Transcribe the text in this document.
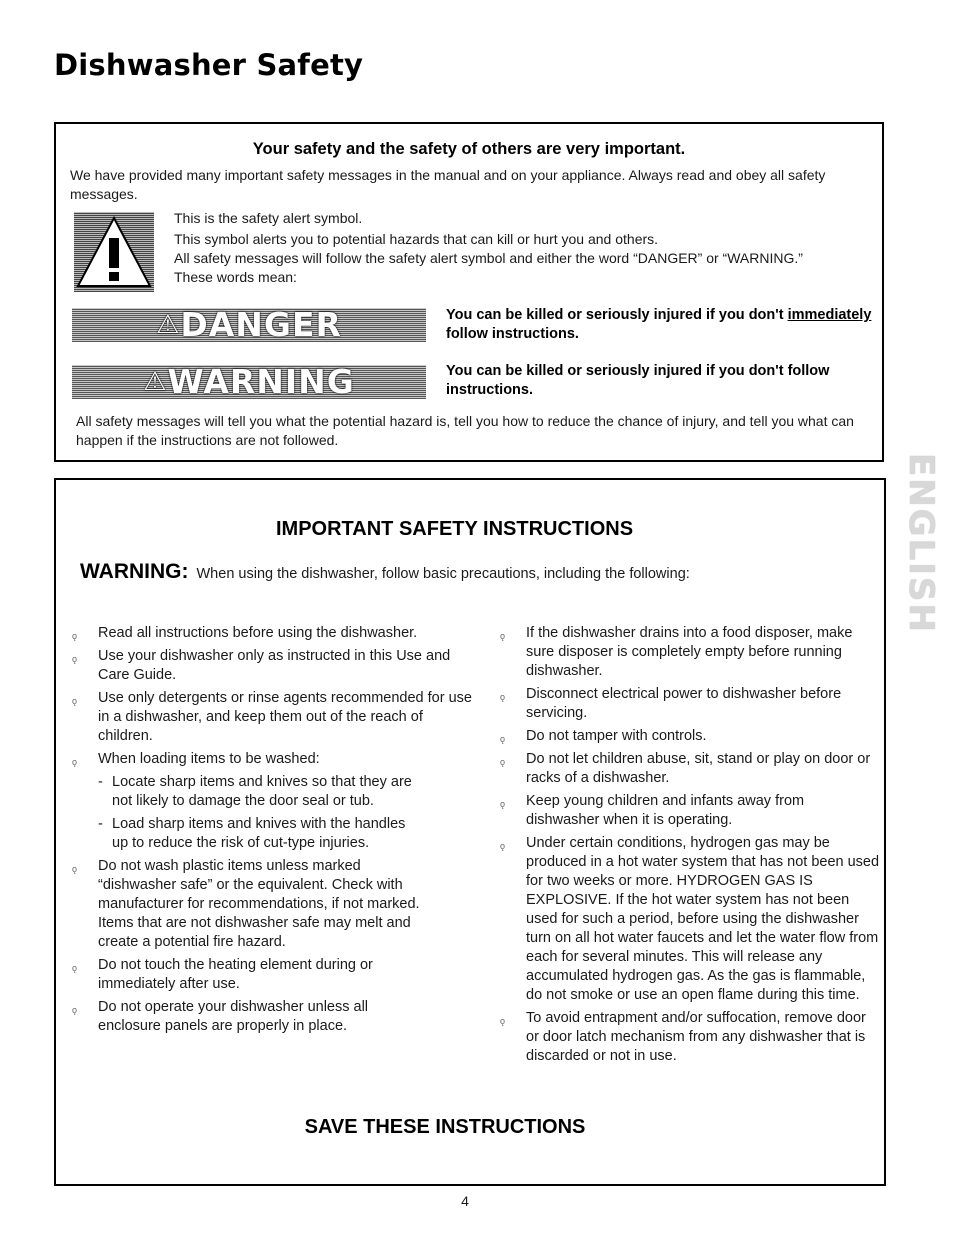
Dishwasher Safety
Your safety and the safety of others are very important.
We have provided many important safety messages in the manual and on your appliance. Always read and obey all safety messages.

This is the safety alert symbol.

This symbol alerts you to potential hazards that can kill or hurt you and others.

All safety messages will follow the safety alert symbol and either the word “DANGER” or “WARNING.” These words mean:

⚠DANGER	You can be killed or seriously injured if you don't immediately follow instructions.
⚠WARNING	You can be killed or seriously injured if you don't follow instructions.
All safety messages will tell you what the potential hazard is, tell you how to reduce the chance of injury, and tell you what can happen if the instructions are not followed.
ENGLISH
IMPORTANT SAFETY INSTRUCTIONS
WARNING: When using the dishwasher, follow basic precautions, including the following:
ǫ Read all instructions before using the dishwasher.
ǫ Use your dishwasher only as instructed in this Use and Care Guide.
ǫ Use only detergents or rinse agents recommended for use in a dishwasher, and keep them out of the reach of children.
ǫ When loading items to be washed:
- Locate sharp items and knives so that they are not likely to damage the door seal or tub.
- Load sharp items and knives with the handles up to reduce the risk of cut-type injuries.
ǫ Do not wash plastic items unless marked “dishwasher safe” or the equivalent. Check with manufacturer for recommendations, if not marked. Items that are not dishwasher safe may melt and create a potential fire hazard.
ǫ Do not touch the heating element during or immediately after use.
ǫ Do not operate your dishwasher unless all enclosure panels are properly in place.
ǫ If the dishwasher drains into a food disposer, make sure disposer is completely empty before running dishwasher.
ǫ Disconnect electrical power to dishwasher before servicing.
ǫ Do not tamper with controls.
ǫ Do not let children abuse, sit, stand or play on door or racks of a dishwasher.
ǫ Keep young children and infants away from dishwasher when it is operating.
ǫ Under certain conditions, hydrogen gas may be produced in a hot water system that has not been used for two weeks or more. HYDROGEN GAS IS EXPLOSIVE. If the hot water system has not been used for such a period, before using the dishwasher turn on all hot water faucets and let the water flow from each for several minutes. This will release any accumulated hydrogen gas. As the gas is flammable, do not smoke or use an open flame during this time.
ǫ To avoid entrapment and/or suffocation, remove door or door latch mechanism from any dishwasher that is discarded or not in use.
SAVE THESE INSTRUCTIONS
4
